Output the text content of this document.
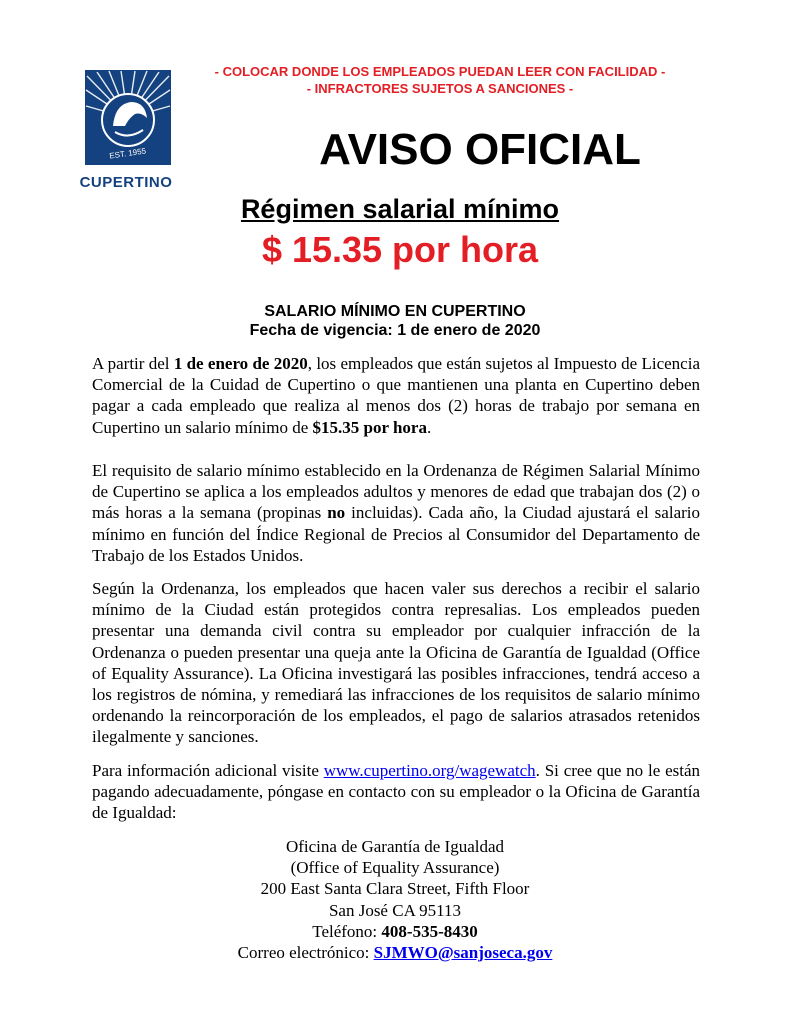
- COLOCAR DONDE LOS EMPLEADOS PUEDAN LEER CON FACILIDAD -
- INFRACTORES SUJETOS A SANCIONES -
EST. 1955
CUPERTINO
AVISO OFICIAL
Régimen salarial mínimo
$ 15.35 por hora
SALARIO MÍNIMO EN CUPERTINO
Fecha de vigencia: 1 de enero de 2020
A partir del 1 de enero de 2020, los empleados que están sujetos al Impuesto de Licencia Comercial de la Cuidad de Cupertino o que mantienen una planta en Cupertino deben pagar a cada empleado que realiza al menos dos (2) horas de trabajo por semana en Cupertino un salario mínimo de $15.35 por hora.
El requisito de salario mínimo establecido en la Ordenanza de Régimen Salarial Mínimo de Cupertino se aplica a los empleados adultos y menores de edad que trabajan dos (2) o más horas a la semana (propinas no incluidas). Cada año, la Ciudad ajustará el salario mínimo en función del Índice Regional de Precios al Consumidor del Departamento de Trabajo de los Estados Unidos.
Según la Ordenanza, los empleados que hacen valer sus derechos a recibir el salario mínimo de la Ciudad están protegidos contra represalias. Los empleados pueden presentar una demanda civil contra su empleador por cualquier infracción de la Ordenanza o pueden presentar una queja ante la Oficina de Garantía de Igualdad (Office of Equality Assurance). La Oficina investigará las posibles infracciones, tendrá acceso a los registros de nómina, y remediará las infracciones de los requisitos de salario mínimo ordenando la reincorporación de los empleados, el pago de salarios atrasados retenidos ilegalmente y sanciones.
Para información adicional visite www.cupertino.org/wagewatch. Si cree que no le están pagando adecuadamente, póngase en contacto con su empleador o la Oficina de Garantía de Igualdad:
Oficina de Garantía de Igualdad
(Office of Equality Assurance)
200 East Santa Clara Street, Fifth Floor
San José CA 95113
Teléfono: 408-535-8430
Correo electrónico: SJMWO@sanjoseca.gov
